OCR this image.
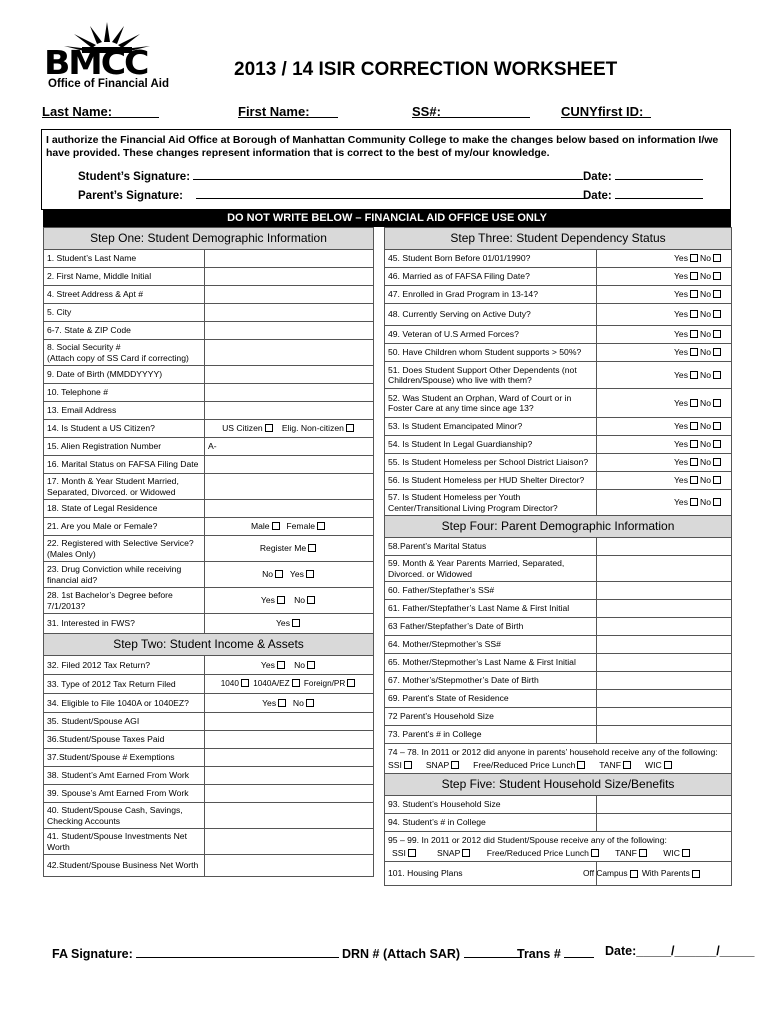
BMCC
Office of Financial Aid
2013 / 14 ISIR CORRECTION WORKSHEET
Last Name:	First Name:	SS#:	CUNYfirst ID:
I authorize the Financial Aid Office at Borough of Manhattan Community College to make the changes below based on information I/we have provided. These changes represent information that is correct to the best of my/our knowledge.
Student’s Signature:	Date:
Parent’s Signature:	Date:
DO NOT WRITE BELOW – FINANCIAL AID OFFICE USE ONLY
Step One: Student Demographic Information	
1. Student’s Last Name	
2. First Name, Middle Initial	
4. Street Address & Apt #	
5. City	
6-7. State & ZIP Code	
8. Social Security #
(Attach copy of SS Card if correcting)	
9. Date of Birth (MMDDYYYY)	
10. Telephone #	
13. Email Address	
14. Is Student a US Citizen?	US Citizen Elig. Non-citizen
15. Alien Registration Number	A-
16. Marital Status on FAFSA Filing Date	
17. Month & Year Student Married, Separated, Divorced. or Widowed	
18. State of Legal Residence	
21. Are you Male or Female?	Male Female
22. Registered with Selective Service?
(Males Only)	Register Me
23. Drug Conviction while receiving financial aid?	No Yes
28. 1st Bachelor’s Degree before 7/1/2013?	Yes No
31. Interested in FWS?	Yes
Step Two: Student Income & Assets	
32. Filed 2012 Tax Return?	Yes No
33. Type of 2012 Tax Return Filed	1040 1040A/EZ Foreign/PR
34. Eligible to File 1040A or 1040EZ?	Yes No
35. Student/Spouse AGI	
36.Student/Spouse Taxes Paid	
37.Student/Spouse # Exemptions	
38. Student’s Amt Earned From Work	
39. Spouse’s Amt Earned From Work	
40. Student/Spouse Cash, Savings, Checking Accounts	
41. Student/Spouse Investments Net Worth	
42.Student/Spouse Business Net Worth	
Step Three: Student Dependency Status	
45. Student Born Before 01/01/1990?	Yes No
46. Married as of FAFSA Filing Date?	Yes No
47. Enrolled in Grad Program in 13-14?	Yes No
48. Currently Serving on Active Duty?	Yes No
49. Veteran of U.S Armed Forces?	Yes No
50. Have Children whom Student supports > 50%?	Yes No
51. Does Student Support Other Dependents (not Children/Spouse) who live with them?	Yes No
52. Was Student an Orphan, Ward of Court or in Foster Care at any time since age 13?	Yes No
53. Is Student Emancipated Minor?	Yes No
54. Is Student In Legal Guardianship?	Yes No
55. Is Student Homeless per School District Liaison?	Yes No
56. Is Student Homeless per HUD Shelter Director?	Yes No
57. Is Student Homeless per Youth Center/Transitional Living Program Director?	Yes No
Step Four: Parent Demographic Information	
58.Parent’s Marital Status	
59. Month & Year Parents Married, Separated, Divorced. or Widowed	
60. Father/Stepfather’s SS#	
61. Father/Stepfather’s Last Name & First Initial	
63 Father/Stepfather’s Date of Birth	
64. Mother/Stepmother’s SS#	
65. Mother/Stepmother’s Last Name & First Initial	
67. Mother’s/Stepmother’s Date of Birth	
69. Parent’s State of Residence	
72 Parent’s Household Size	
73. Parent’s # in College	

74 – 78. In 2011 or 2012 did anyone in parents’ household receive any of the following:
SSI SNAP Free/Reduced Price Lunch TANF WIC	

Step Five: Student Household Size/Benefits	
93. Student’s Household Size	
94. Student’s # in College	

95 – 99. In 2011 or 2012 did Student/Spouse receive any of the following:
SSI SNAP Free/Reduced Price Lunch TANF WIC	

101. Housing Plans	Off Campus With Parents
FA Signature:	DRN # (Attach SAR)	Trans #	Date:_____/______/_____
